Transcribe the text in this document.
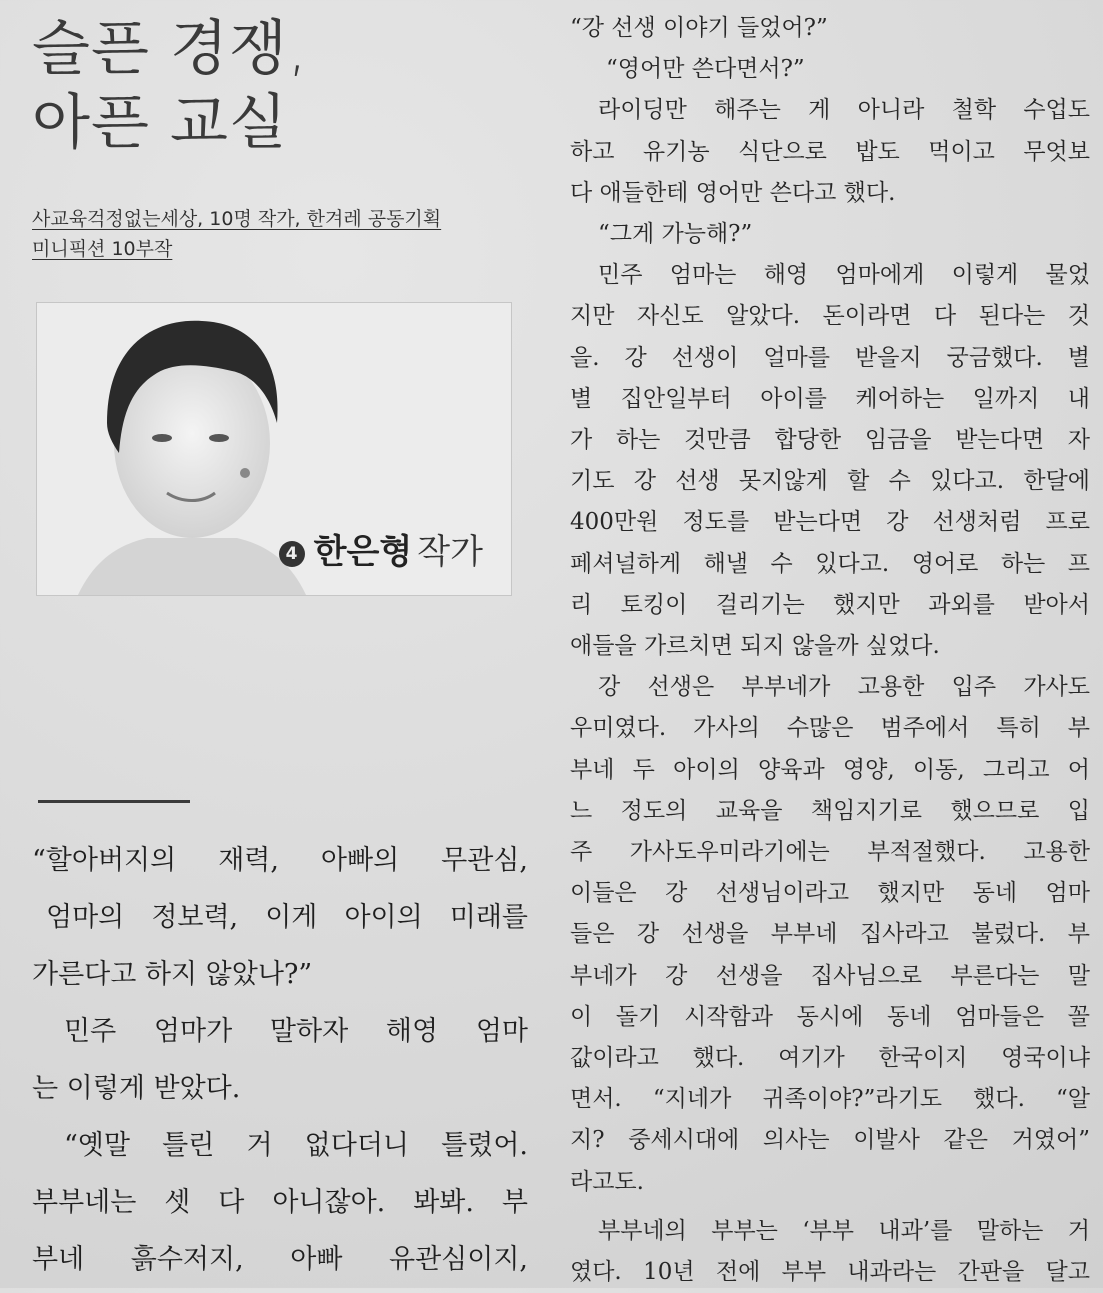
슬픈 경쟁,
아픈 교실
사교육걱정없는세상, 10명 작가, 한겨레 공동기획
미니픽션 10부작
4 한은형 작가

“할아버지의 재력, 아빠의 무관심,

엄마의 정보력, 이게 아이의 미래를

가른다고 하지 않았나?”

민주 엄마가 말하자 해영 엄마

는 이렇게 받았다.

“옛말 틀린 거 없다더니 틀렸어.

부부네는 셋 다 아니잖아. 봐봐. 부

부네 흙수저지, 아빠 유관심이지,

“강 선생 이야기 들었어?”

“영어만 쓴다면서?”

라이딩만 해주는 게 아니라 철학 수업도

하고 유기농 식단으로 밥도 먹이고 무엇보

다 애들한테 영어만 쓴다고 했다.

“그게 가능해?”

민주 엄마는 해영 엄마에게 이렇게 물었

지만 자신도 알았다. 돈이라면 다 된다는 것

을. 강 선생이 얼마를 받을지 궁금했다. 별

별 집안일부터 아이를 케어하는 일까지 내

가 하는 것만큼 합당한 임금을 받는다면 자

기도 강 선생 못지않게 할 수 있다고. 한달에

400만원 정도를 받는다면 강 선생처럼 프로

페셔널하게 해낼 수 있다고. 영어로 하는 프

리 토킹이 걸리기는 했지만 과외를 받아서

애들을 가르치면 되지 않을까 싶었다.

강 선생은 부부네가 고용한 입주 가사도

우미였다. 가사의 수많은 범주에서 특히 부

부네 두 아이의 양육과 영양, 이동, 그리고 어

느 정도의 교육을 책임지기로 했으므로 입

주 가사도우미라기에는 부적절했다. 고용한

이들은 강 선생님이라고 했지만 동네 엄마

들은 강 선생을 부부네 집사라고 불렀다. 부

부네가 강 선생을 집사님으로 부른다는 말

이 돌기 시작함과 동시에 동네 엄마들은 꼴

값이라고 했다. 여기가 한국이지 영국이냐

면서. “지네가 귀족이야?”라기도 했다. “알

지? 중세시대에 의사는 이발사 같은 거였어”

라고도.

부부네의 부부는 ‘부부 내과’를 말하는 거

였다. 10년 전에 부부 내과라는 간판을 달고
